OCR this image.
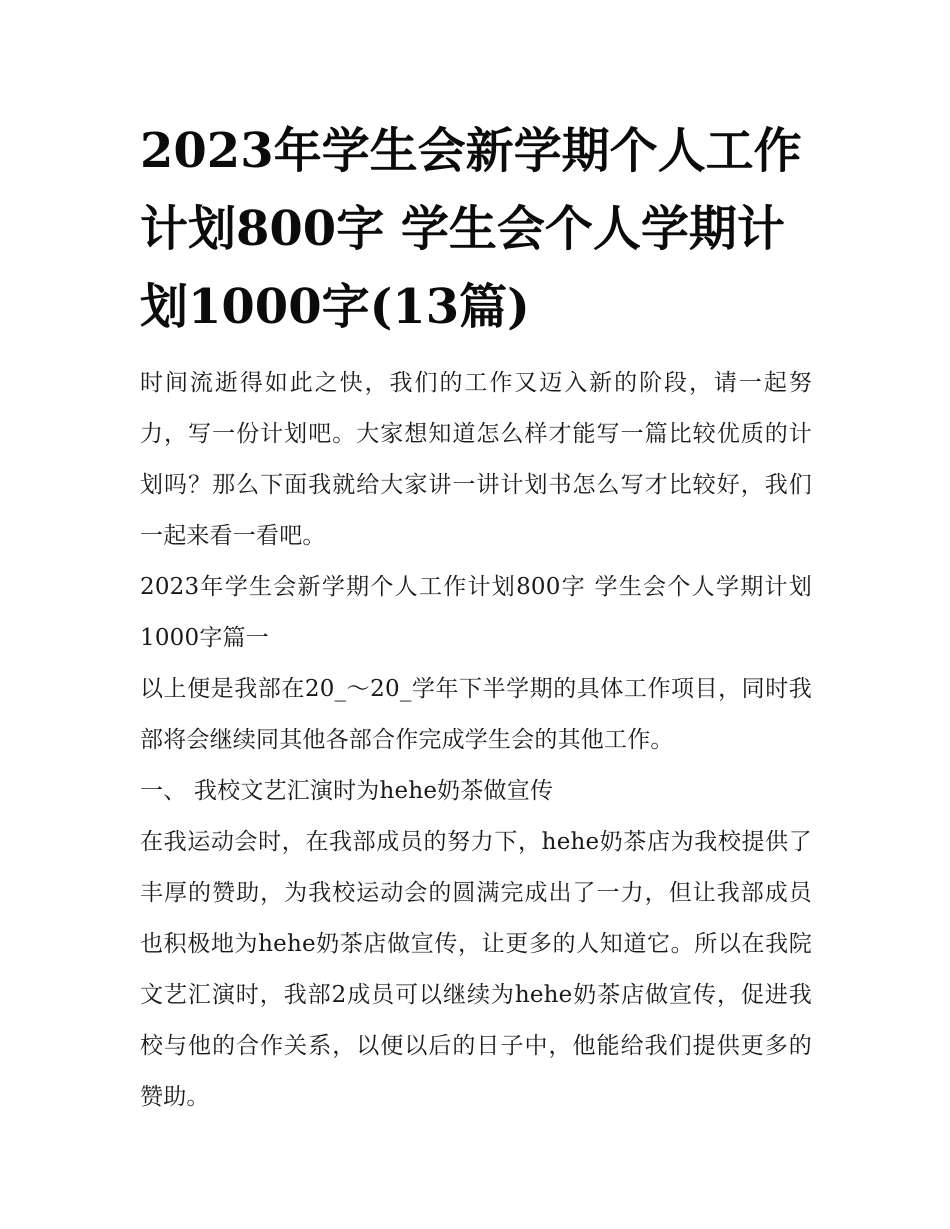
2023年学生会新学期个人工作计划800字 学生会个人学期计划1000字(13篇)

时间流逝得如此之快，我们的工作又迈入新的阶段，请一起努力，写一份计划吧。大家想知道怎么样才能写一篇比较优质的计划吗？那么下面我就给大家讲一讲计划书怎么写才比较好，我们一起来看一看吧。

2023年学生会新学期个人工作计划800字 学生会个人学期计划1000字篇一

以上便是我部在20_～20_学年下半学期的具体工作项目，同时我部将会继续同其他各部合作完成学生会的其他工作。

一、 我校文艺汇演时为hehe奶茶做宣传

在我运动会时，在我部成员的努力下，hehe奶茶店为我校提供了丰厚的赞助，为我校运动会的圆满完成出了一力，但让我部成员也积极地为hehe奶茶店做宣传，让更多的人知道它。所以在我院文艺汇演时，我部2成员可以继续为hehe奶茶店做宣传，促进我校与他的合作关系，以便以后的日子中，他能给我们提供更多的赞助。
